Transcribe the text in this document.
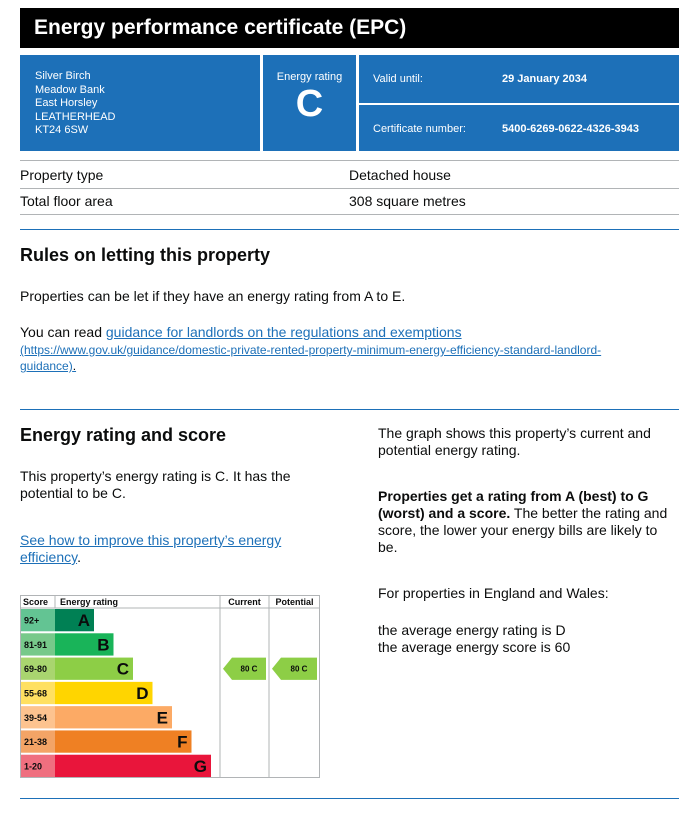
Energy performance certificate (EPC)
Silver Birch
Meadow Bank
East Horsley
LEATHERHEAD
KT24 6SW
Energy rating
C
Valid until:	29 January 2034
Certificate number:	5400-6269-0622-4326-3943
Property type	Detached house
Total floor area	308 square metres
Rules on letting this property
Properties can be let if they have an energy rating from A to E.
You can read guidance for landlords on the regulations and exemptions
(https://www.gov.uk/guidance/domestic-private-rented-property-minimum-energy-efficiency-standard-landlord-
guidance).
Energy rating and score
This property’s energy rating is C. It has the potential to be C.
See how to improve this property’s energy efficiency.
The graph shows this property’s current and potential energy rating.
Properties get a rating from A (best) to G (worst) and a score. The better the rating and score, the lower your energy bills are likely to be.
For properties in England and Wales:
the average energy rating is D
the average energy score is 60
Score Energy rating	Current Potential
92+ A
81-91	B
69-80	C
55-68	D
39-54	E
21-38	F
1-20	G
80 C	80 C
